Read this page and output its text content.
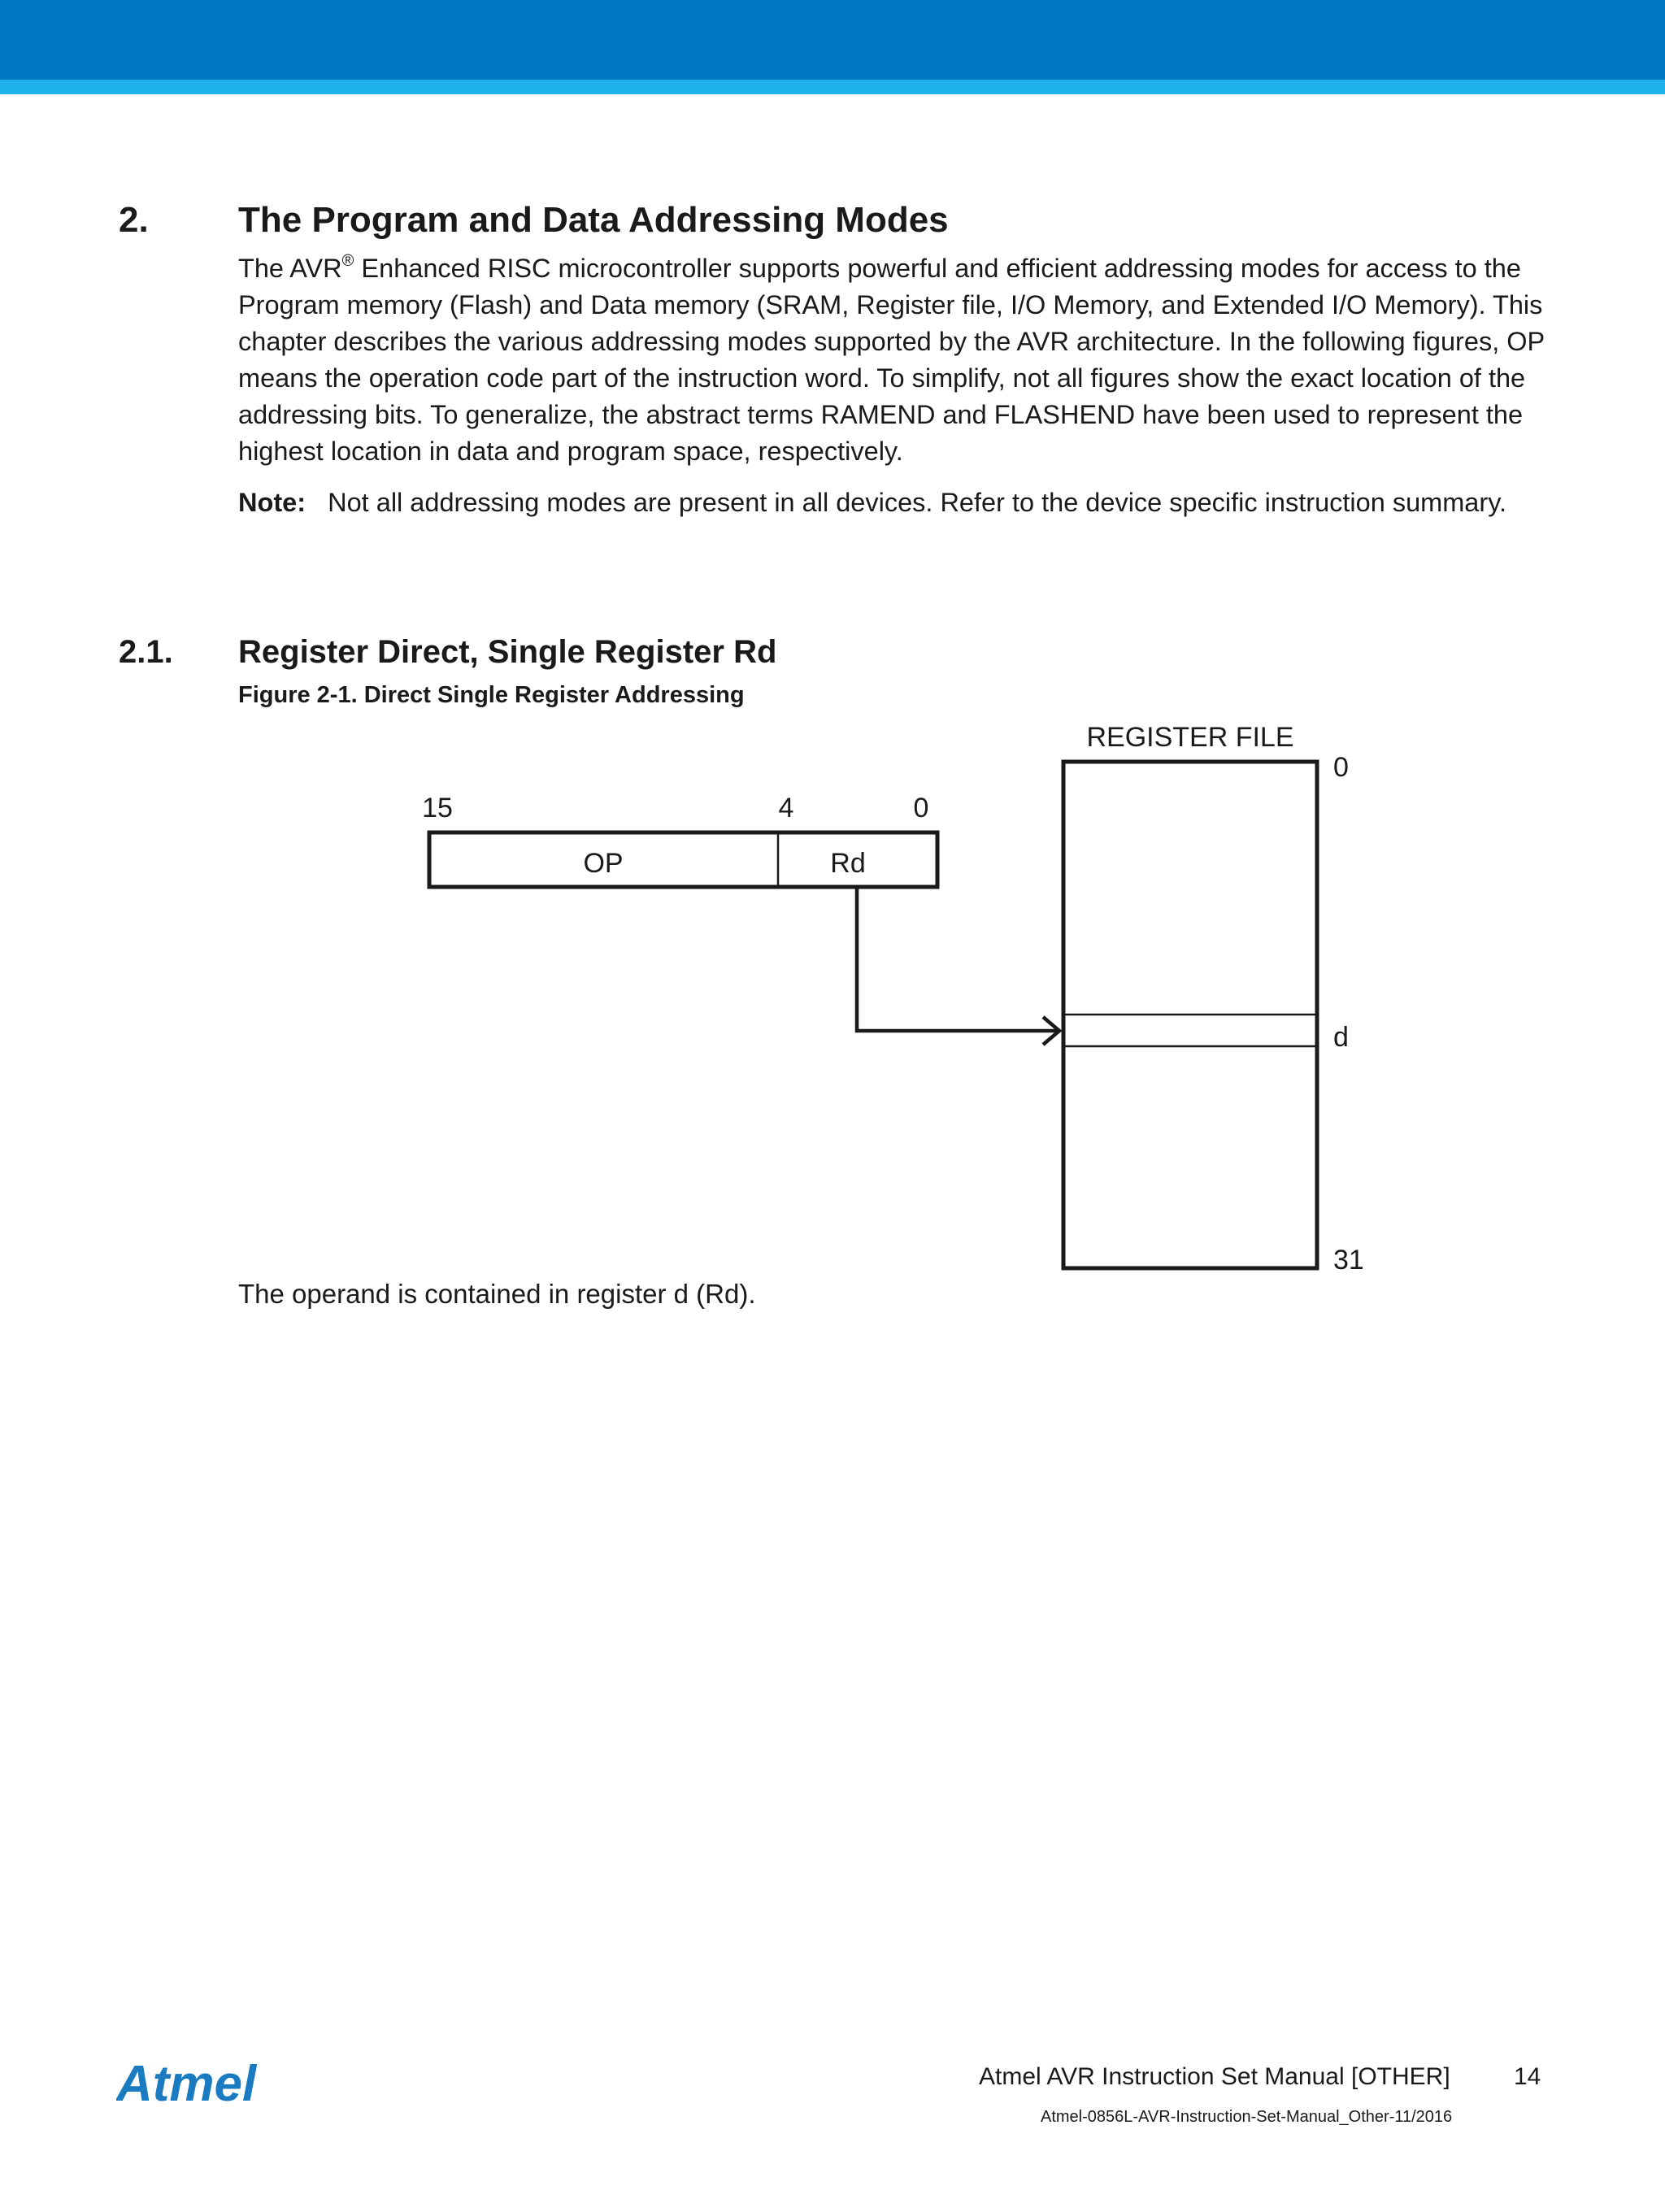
2.	The Program and Data Addressing Modes

The AVR® Enhanced RISC microcontroller supports powerful and efficient addressing modes for access to the Program memory (Flash) and Data memory (SRAM, Register file, I/O Memory, and Extended I/O Memory). This chapter describes the various addressing modes supported by the AVR architecture. In the following figures, OP means the operation code part of the instruction word. To simplify, not all figures show the exact location of the addressing bits. To generalize, the abstract terms RAMEND and FLASHEND have been used to represent the highest location in data and program space, respectively.

Note: Not all addressing modes are present in all devices. Refer to the device specific instruction summary.

2.1. Register Direct, Single Register Rd
Figure 2-1. Direct Single Register Addressing
15	4	0
OP	Rd
REGISTER FILE
0
d
31
The operand is contained in register d (Rd).
Atmel	Atmel AVR Instruction Set Manual [OTHER]	14
Atmel-0856L-AVR-Instruction-Set-Manual_Other-11/2016
